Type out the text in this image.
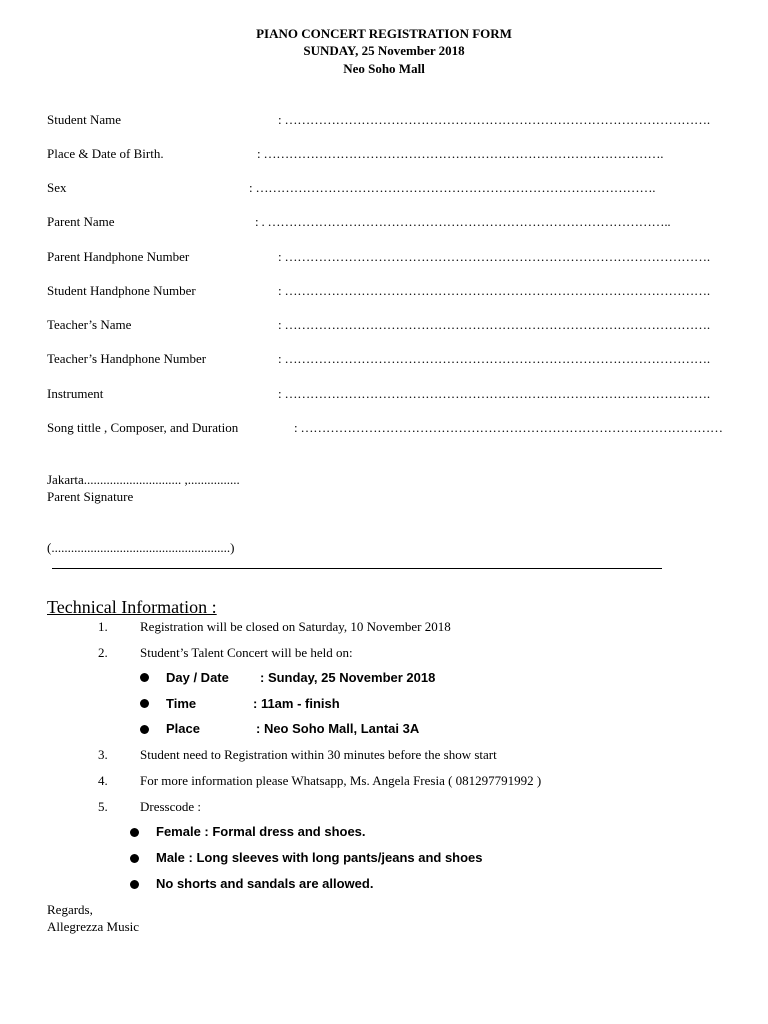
PIANO CONCERT REGISTRATION FORM
SUNDAY, 25 November 2018
Neo Soho Mall
Student Name	: ……………………………………………………………………………………….
Place & Date of Birth.	: ………………………………………………………………………………….
Sex	: ………………………………………………………………………………….
Parent Name	: . …………………………………………………………………………………..
Parent Handphone Number	: ……………………………………………………………………………………….
Student Handphone Number	: ……………………………………………………………………………………….
Teacher’s Name	: ……………………………………………………………………………………….
Teacher’s Handphone Number	: ……………………………………………………………………………………….
Instrument	: ……………………………………………………………………………………….
Song tittle , Composer, and Duration	: ………………………………………………………………………………………
Jakarta.............................. ,................
Parent Signature
(.......................................................)
Technical Information :
1. Registration will be closed on Saturday, 10 November 2018
2. Student’s Talent Concert will be held on:
Day / Date : Sunday, 25 November 2018
Time	: 11am - finish
Place	: Neo Soho Mall, Lantai 3A
3. Student need to Registration within 30 minutes before the show start
4. For more information please Whatsapp, Ms. Angela Fresia ( 081297791992 )
5. Dresscode :
Female : Formal dress and shoes.
Male : Long sleeves with long pants/jeans and shoes
No shorts and sandals are allowed.
Regards,
Allegrezza Music
